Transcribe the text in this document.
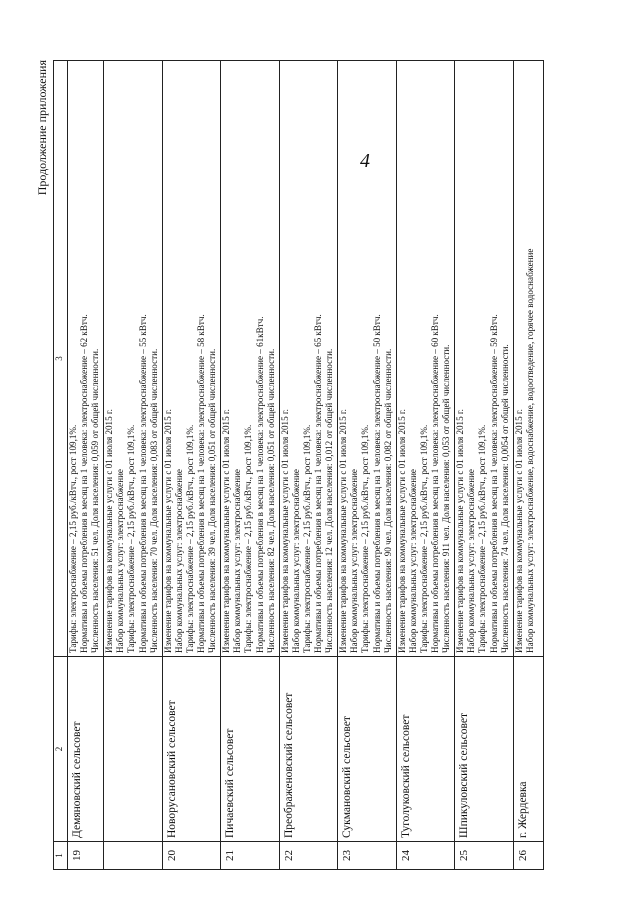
Продолжение приложения
1	2	3
19	Демяновский сельсовет	Тарифы: электроснабжение – 2,15 руб./кВтч., рост 109,1%. Нормативы и объемы потребления в месяц на 1 человека: электроснабжение – 62 кВтч. Численность населения: 51 чел. Доля населения: 0,059 от общей численности.

		Изменение тарифов на коммунальные услуги с 01 июля 2015 г. Набор коммунальных услуг: электроснабжение Тарифы: электроснабжение – 2,15 руб./кВтч., рост 109,1%. Нормативы и объемы потребления в месяц на 1 человека: электроснабжение – 55 кВтч. Численность населения: 70 чел. Доля населения: 0,083 от общей численности.

20	Новорусановский сельсовет	Изменение тарифов на коммунальные услуги с 01 июля 2015 г. Набор коммунальных услуг: электроснабжение Тарифы: электроснабжение – 2,15 руб./кВтч., рост 109,1%. Нормативы и объемы потребления в месяц на 1 человека: электроснабжение – 58 кВтч. Численность населения: 39 чел. Доля населения: 0,051 от общей численности.

21	Пичаевский сельсовет	Изменение тарифов на коммунальные услуги с 01 июля 2015 г. Набор коммунальных услуг: электроснабжение Тарифы: электроснабжение – 2,15 руб./кВтч., рост 109,1%. Нормативы и объемы потребления в месяц на 1 человека: электроснабжение – 61кВтч. Численность населения: 82 чел. Доля населения: 0,051 от общей численности.

22	Преображеновский сельсовет	Изменение тарифов на коммунальные услуги с 01 июля 2015 г. Набор коммунальных услуг: электроснабжение Тарифы: электроснабжение – 2,15 руб./кВтч., рост 109,1%. Нормативы и объемы потребления в месяц на 1 человека: электроснабжение – 65 кВтч. Численность населения: 12 чел. Доля населения: 0,012 от общей численности.

23	Сукмановский сельсовет	Изменение тарифов на коммунальные услуги с 01 июля 2015 г. Набор коммунальных услуг: электроснабжение Тарифы: электроснабжение – 2,15 руб./кВтч., рост 109,1%. Нормативы и объемы потребления в месяц на 1 человека: электроснабжение – 50 кВтч. Численность населения: 90 чел. Доля населения: 0,082 от общей численности.

24	Туголуковский сельсовет	Изменение тарифов на коммунальные услуги с 01 июля 2015 г. Набор коммунальных услуг: электроснабжение Тарифы: электроснабжение – 2,15 руб./кВтч., рост 109,1%. Нормативы и объемы потребления в месяц на 1 человека: электроснабжение – 60 кВтч. Численность населения: 911 чел. Доля населения: 0,053 от общей численности.

25	Шпикуловский сельсовет	Изменение тарифов на коммунальные услуги с 01 июля 2015 г. Набор коммунальных услуг: электроснабжение Тарифы: электроснабжение – 2,15 руб./кВтч., рост 109,1%. Нормативы и объемы потребления в месяц на 1 человека: электроснабжение – 59 кВтч. Численность населения: 74 чел. Доля населения: 0,0054 от общей численности.

26	г. Жердевка	Изменение тарифов на коммунальные услуги с 01 июля 2015 г. Набор коммунальных услуг: электроснабжение, водоснабжение, водоотведение, горячее водоснабжение
4
